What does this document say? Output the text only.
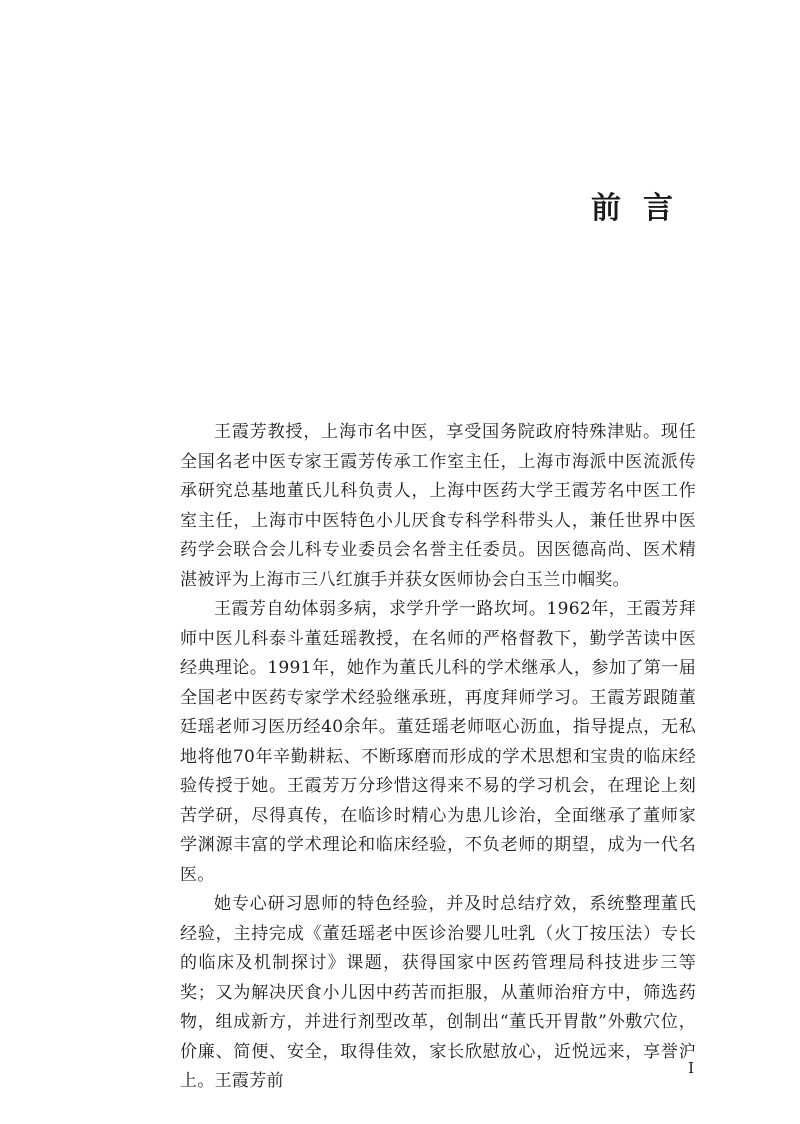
前言

王霞芳教授，上海市名中医，享受国务院政府特殊津贴。现任全国名老中医专家王霞芳传承工作室主任，上海市海派中医流派传承研究总基地董氏儿科负责人，上海中医药大学王霞芳名中医工作室主任，上海市中医特色小儿厌食专科学科带头人，兼任世界中医药学会联合会儿科专业委员会名誉主任委员。因医德高尚、医术精湛被评为上海市三八红旗手并获女医师协会白玉兰巾帼奖。

王霞芳自幼体弱多病，求学升学一路坎坷。1962年，王霞芳拜师中医儿科泰斗董廷瑶教授，在名师的严格督教下，勤学苦读中医经典理论。1991年，她作为董氏儿科的学术继承人，参加了第一届全国老中医药专家学术经验继承班，再度拜师学习。王霞芳跟随董廷瑶老师习医历经40余年。董廷瑶老师呕心沥血，指导提点，无私地将他70年辛勤耕耘、不断琢磨而形成的学术思想和宝贵的临床经验传授于她。王霞芳万分珍惜这得来不易的学习机会，在理论上刻苦学研，尽得真传，在临诊时精心为患儿诊治，全面继承了董师家学渊源丰富的学术理论和临床经验，不负老师的期望，成为一代名医。

她专心研习恩师的特色经验，并及时总结疗效，系统整理董氏经验，主持完成《董廷瑶老中医诊治婴儿吐乳（火丁按压法）专长的临床及机制探讨》课题，获得国家中医药管理局科技进步三等奖；又为解决厌食小儿因中药苦而拒服，从董师治疳方中，筛选药物，组成新方，并进行剂型改革，创制出“董氏开胃散”外敷穴位，价廉、简便、安全，取得佳效，家长欣慰放心，近悦远来，享誉沪上。王霞芳前

I
